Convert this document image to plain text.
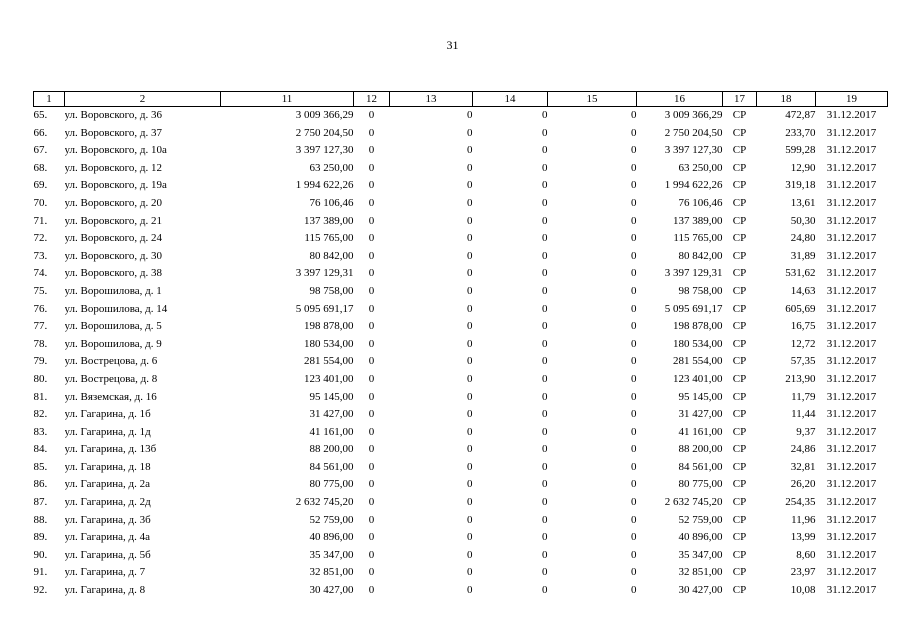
31
1	2	11	12	13	14	15	16	17	18	19
65.	ул. Воровского, д. 36	3 009 366,29	0	0	0	0	3 009 366,29	СР	472,87	31.12.2017
66.	ул. Воровского, д. 37	2 750 204,50	0	0	0	0	2 750 204,50	СР	233,70	31.12.2017
67.	ул. Воровского, д. 10а	3 397 127,30	0	0	0	0	3 397 127,30	СР	599,28	31.12.2017
68.	ул. Воровского, д. 12	63 250,00	0	0	0	0	63 250,00	СР	12,90	31.12.2017
69.	ул. Воровского, д. 19а	1 994 622,26	0	0	0	0	1 994 622,26	СР	319,18	31.12.2017
70.	ул. Воровского, д. 20	76 106,46	0	0	0	0	76 106,46	СР	13,61	31.12.2017
71.	ул. Воровского, д. 21	137 389,00	0	0	0	0	137 389,00	СР	50,30	31.12.2017
72.	ул. Воровского, д. 24	115 765,00	0	0	0	0	115 765,00	СР	24,80	31.12.2017
73.	ул. Воровского, д. 30	80 842,00	0	0	0	0	80 842,00	СР	31,89	31.12.2017
74.	ул. Воровского, д. 38	3 397 129,31	0	0	0	0	3 397 129,31	СР	531,62	31.12.2017
75.	ул. Ворошилова, д. 1	98 758,00	0	0	0	0	98 758,00	СР	14,63	31.12.2017
76.	ул. Ворошилова, д. 14	5 095 691,17	0	0	0	0	5 095 691,17	СР	605,69	31.12.2017
77.	ул. Ворошилова, д. 5	198 878,00	0	0	0	0	198 878,00	СР	16,75	31.12.2017
78.	ул. Ворошилова, д. 9	180 534,00	0	0	0	0	180 534,00	СР	12,72	31.12.2017
79.	ул. Вострецова, д. 6	281 554,00	0	0	0	0	281 554,00	СР	57,35	31.12.2017
80.	ул. Вострецова, д. 8	123 401,00	0	0	0	0	123 401,00	СР	213,90	31.12.2017
81.	ул. Вяземская, д. 16	95 145,00	0	0	0	0	95 145,00	СР	11,79	31.12.2017
82.	ул. Гагарина, д. 1б	31 427,00	0	0	0	0	31 427,00	СР	11,44	31.12.2017
83.	ул. Гагарина, д. 1д	41 161,00	0	0	0	0	41 161,00	СР	9,37	31.12.2017
84.	ул. Гагарина, д. 13б	88 200,00	0	0	0	0	88 200,00	СР	24,86	31.12.2017
85.	ул. Гагарина, д. 18	84 561,00	0	0	0	0	84 561,00	СР	32,81	31.12.2017
86.	ул. Гагарина, д. 2а	80 775,00	0	0	0	0	80 775,00	СР	26,20	31.12.2017
87.	ул. Гагарина, д. 2д	2 632 745,20	0	0	0	0	2 632 745,20	СР	254,35	31.12.2017
88.	ул. Гагарина, д. 3б	52 759,00	0	0	0	0	52 759,00	СР	11,96	31.12.2017
89.	ул. Гагарина, д. 4а	40 896,00	0	0	0	0	40 896,00	СР	13,99	31.12.2017
90.	ул. Гагарина, д. 5б	35 347,00	0	0	0	0	35 347,00	СР	8,60	31.12.2017
91.	ул. Гагарина, д. 7	32 851,00	0	0	0	0	32 851,00	СР	23,97	31.12.2017
92.	ул. Гагарина, д. 8	30 427,00	0	0	0	0	30 427,00	СР	10,08	31.12.2017
